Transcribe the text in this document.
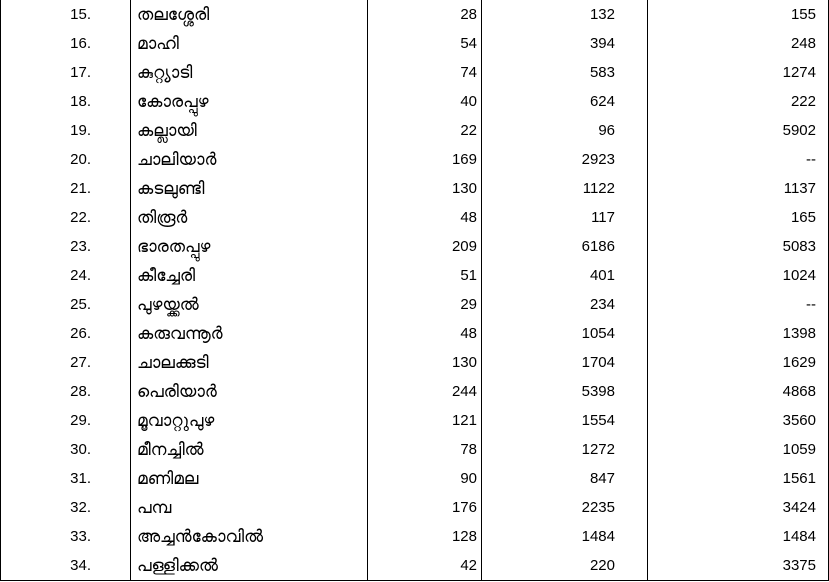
15.	തലശ്ശേരി	28	132	155
16.	മാഹി	54	394	248
17.	കുറ്റ്യാടി	74	583	1274
18.	കോരപ്പുഴ	40	624	222
19.	കല്ലായി	22	96	5902
20.	ചാലിയാർ	169	2923	--
21.	കടലുണ്ടി	130	1122	1137
22.	തിരൂർ	48	117	165
23.	ഭാരതപ്പുഴ	209	6186	5083
24.	കീച്ചേരി	51	401	1024
25.	പുഴയ്ക്കൽ	29	234	--
26.	കരുവന്നൂർ	48	1054	1398
27.	ചാലക്കുടി	130	1704	1629
28.	പെരിയാർ	244	5398	4868
29.	മൂവാറ്റുപുഴ	121	1554	3560
30.	മീനച്ചിൽ	78	1272	1059
31.	മണിമല	90	847	1561
32.	പമ്പ	176	2235	3424
33.	അച്ചൻകോവിൽ	128	1484	1484
34.	പള്ളിക്കൽ	42	220	3375
